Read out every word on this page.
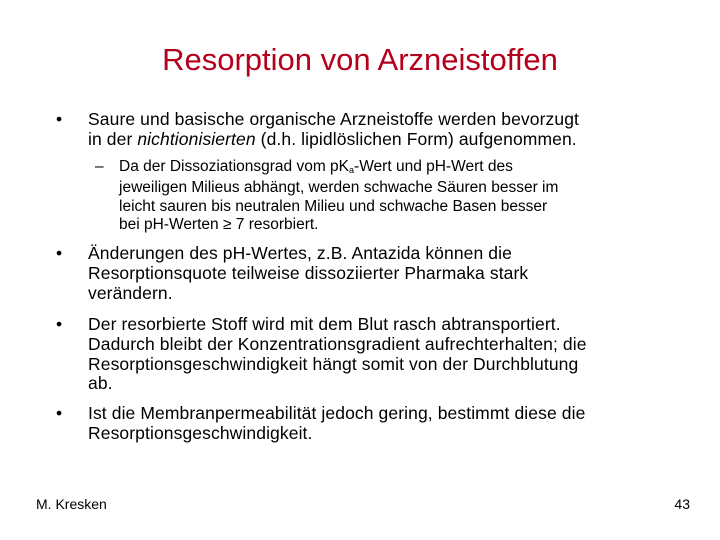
Resorption von Arzneistoffen
•	Saure und basische organische Arzneistoffe werden bevorzugt
in der nichtionisierten (d.h. lipidlöslichen Form) aufgenommen.
– Da der Dissoziationsgrad vom $pK_a$-Wert und pH-Wert des
jeweiligen Milieus abhängt, werden schwache Säuren besser im
leicht sauren bis neutralen Milieu und schwache Basen besser
bei pH-Werten ≥ 7 resorbiert.
•	Änderungen des pH-Wertes, z.B. Antazida können die
Resorptionsquote teilweise dissoziierter Pharmaka stark
verändern.
•	Der resorbierte Stoff wird mit dem Blut rasch abtransportiert.
Dadurch bleibt der Konzentrationsgradient aufrechterhalten; die
Resorptionsgeschwindigkeit hängt somit von der Durchblutung
ab.
•	Ist die Membranpermeabilität jedoch gering, bestimmt diese die
Resorptionsgeschwindigkeit.
M. Kresken	43
